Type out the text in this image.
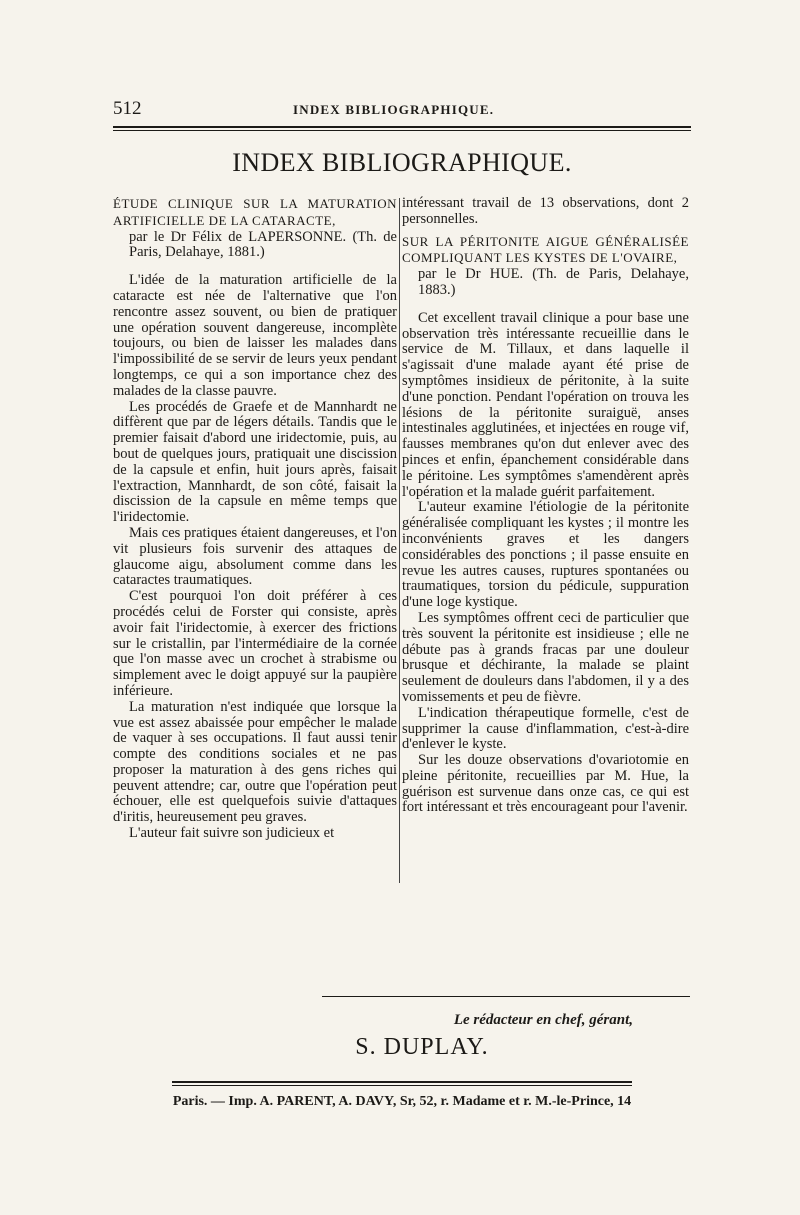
512	INDEX BIBLIOGRAPHIQUE.
INDEX BIBLIOGRAPHIQUE.

ÉTUDE CLINIQUE SUR LA MATURATION ARTIFICIELLE DE LA CATARACTE,
par le Dr Félix de LAPERSONNE. (Th. de Paris, Delahaye, 1881.)

L'idée de la maturation artificielle de la cataracte est née de l'alternative que l'on rencontre assez souvent, ou bien de pratiquer une opération souvent dangereuse, incomplète toujours, ou bien de laisser les malades dans l'impossibilité de se servir de leurs yeux pendant longtemps, ce qui a son importance chez des malades de la classe pauvre.

Les procédés de Graefe et de Mannhardt ne diffèrent que par de légers détails. Tandis que le premier faisait d'abord une iridectomie, puis, au bout de quelques jours, pratiquait une discission de la capsule et enfin, huit jours après, faisait l'extraction, Mannhardt, de son côté, faisait la discission de la capsule en même temps que l'iridectomie.

Mais ces pratiques étaient dangereuses, et l'on vit plusieurs fois survenir des attaques de glaucome aigu, absolument comme dans les cataractes traumatiques.

C'est pourquoi l'on doit préférer à ces procédés celui de Forster qui consiste, après avoir fait l'iridectomie, à exercer des frictions sur le cristallin, par l'intermédiaire de la cornée que l'on masse avec un crochet à strabisme ou simplement avec le doigt appuyé sur la paupière inférieure.

La maturation n'est indiquée que lorsque la vue est assez abaissée pour empêcher le malade de vaquer à ses occupations. Il faut aussi tenir compte des conditions sociales et ne pas proposer la maturation à des gens riches qui peuvent attendre; car, outre que l'opération peut échouer, elle est quelquefois suivie d'attaques d'iritis, heureusement peu graves.

L'auteur fait suivre son judicieux et

intéressant travail de 13 observations, dont 2 personnelles.

SUR LA PÉRITONITE AIGUE GÉNÉRALISÉE COMPLIQUANT LES KYSTES DE L'OVAIRE,
par le Dr HUE. (Th. de Paris, Delahaye, 1883.)

Cet excellent travail clinique a pour base une observation très intéressante recueillie dans le service de M. Tillaux, et dans laquelle il s'agissait d'une malade ayant été prise de symptômes insidieux de péritonite, à la suite d'une ponction. Pendant l'opération on trouva les lésions de la péritonite suraiguë, anses intestinales agglutinées, et injectées en rouge vif, fausses membranes qu'on dut enlever avec des pinces et enfin, épanchement considérable dans le péritoine. Les symptômes s'amendèrent après l'opération et la malade guérit parfaitement.

L'auteur examine l'étiologie de la péritonite généralisée compliquant les kystes ; il montre les inconvénients graves et les dangers considérables des ponctions ; il passe ensuite en revue les autres causes, ruptures spontanées ou traumatiques, torsion du pédicule, suppuration d'une loge kystique.

Les symptômes offrent ceci de particulier que très souvent la péritonite est insidieuse ; elle ne débute pas à grands fracas par une douleur brusque et déchirante, la malade se plaint seulement de douleurs dans l'abdomen, il y a des vomissements et peu de fièvre.

L'indication thérapeutique formelle, c'est de supprimer la cause d'inflammation, c'est-à-dire d'enlever le kyste.

Sur les douze observations d'ovariotomie en pleine péritonite, recueillies par M. Hue, la guérison est survenue dans onze cas, ce qui est fort intéressant et très encourageant pour l'avenir.

Le rédacteur en chef, gérant,
S. DUPLAY.
Paris. — Imp. A. PARENT, A. DAVY, Sr, 52, r. Madame et r. M.-le-Prince, 14
